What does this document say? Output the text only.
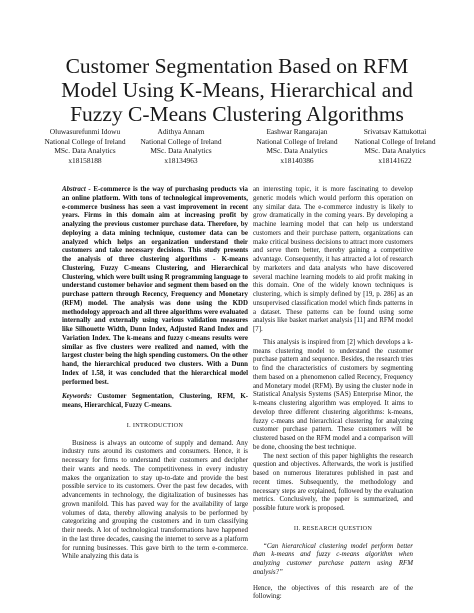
Customer Segmentation Based on RFM Model Using K-Means, Hierarchical and Fuzzy C-Means Clustering Algorithms
Oluwasurefunmi Idowu
National College of Ireland
MSc. Data Analytics
x18158188
Adithya Annam
National College of Ireland
MSc. Data Analytics
x18134963
Eashwar Rangarajan
National College of Ireland
MSc. Data Analytics
x18140386
Srivatsav Kattukottai
National College of Ireland
MSc. Data Analytics
x18141622

Abstract - E-commerce is the way of purchasing products via an online platform. With tons of technological improvements, e-commerce business has seen a vast improvement in recent years. Firms in this domain aim at increasing profit by analyzing the previous customer purchase data. Therefore, by deploying a data mining technique, customer data can be analyzed which helps an organization understand their customers and take necessary decisions. This study presents the analysis of three clustering algorithms - K-means Clustering, Fuzzy C-means Clustering, and Hierarchical Clustering, which were built using R programming language to understand customer behavior and segment them based on the purchase pattern through Recency, Frequency and Monetary (RFM) model. The analysis was done using the KDD methodology approach and all three algorithms were evaluated internally and externally using various validation measures like Silhouette Width, Dunn Index, Adjusted Rand Index and Variation Index. The k-means and fuzzy c-means results were similar as five clusters were realized and named, with the largest cluster being the high spending customers. On the other hand, the hierarchical produced two clusters. With a Dunn Index of 1.58, it was concluded that the hierarchical model performed best.

Keywords: Customer Segmentation, Clustering, RFM, K-means, Hierarchical, Fuzzy C-means.

I. INTRODUCTION

Business is always an outcome of supply and demand. Any industry runs around its customers and consumers. Hence, it is necessary for firms to understand their customers and decipher their wants and needs. The competitiveness in every industry makes the organization to stay up-to-date and provide the best possible service to its customers. Over the past few decades, with advancements in technology, the digitalization of businesses has grown manifold. This has paved way for the availability of large volumes of data, thereby allowing analysis to be performed by categorizing and grouping the customers and in turn classifying their needs. A lot of technological transformations have happened in the last three decades, causing the internet to serve as a platform for running businesses. This gave birth to the term e-commerce. While analyzing this data is

an interesting topic, it is more fascinating to develop generic models which would perform this operation on any similar data. The e-commerce industry is likely to grow dramatically in the coming years. By developing a machine learning model that can help us understand customers and their purchase pattern, organizations can make critical business decisions to attract more customers and serve them better, thereby gaining a competitive advantage. Consequently, it has attracted a lot of research by marketers and data analysts who have discovered several machine learning models to aid profit making in this domain. One of the widely known techniques is clustering, which is simply defined by [19, p. 286] as an unsupervised classification model which finds patterns in a dataset. These patterns can be found using some analysis like basket market analysis [11] and RFM model [7].

This analysis is inspired from [2] which develops a k-means clustering model to understand the customer purchase pattern and sequence. Besides, the research tries to find the characteristics of customers by segmenting them based on a phenomenon called Recency, Frequency and Monetary model (RFM). By using the cluster node in Statistical Analysis Systems (SAS) Enterprise Minor, the k-means clustering algorithm was employed. It aims to develop three different clustering algorithms: k-means, fuzzy c-means and hierarchical clustering for analyzing customer purchase pattern. These customers will be clustered based on the RFM model and a comparison will be done, choosing the best technique.

The next section of this paper highlights the research question and objectives. Afterwards, the work is justified based on numerous literatures published in past and recent times. Subsequently, the methodology and necessary steps are explained, followed by the evaluation metrics. Conclusively, the paper is summarized, and possible future work is proposed.

II. RESEARCH QUESTION

“Can hierarchical clustering model perform better than k-means and fuzzy c-means algorithm when analyzing customer purchase pattern using RFM analysis?”

Hence, the objectives of this research are of the following:
